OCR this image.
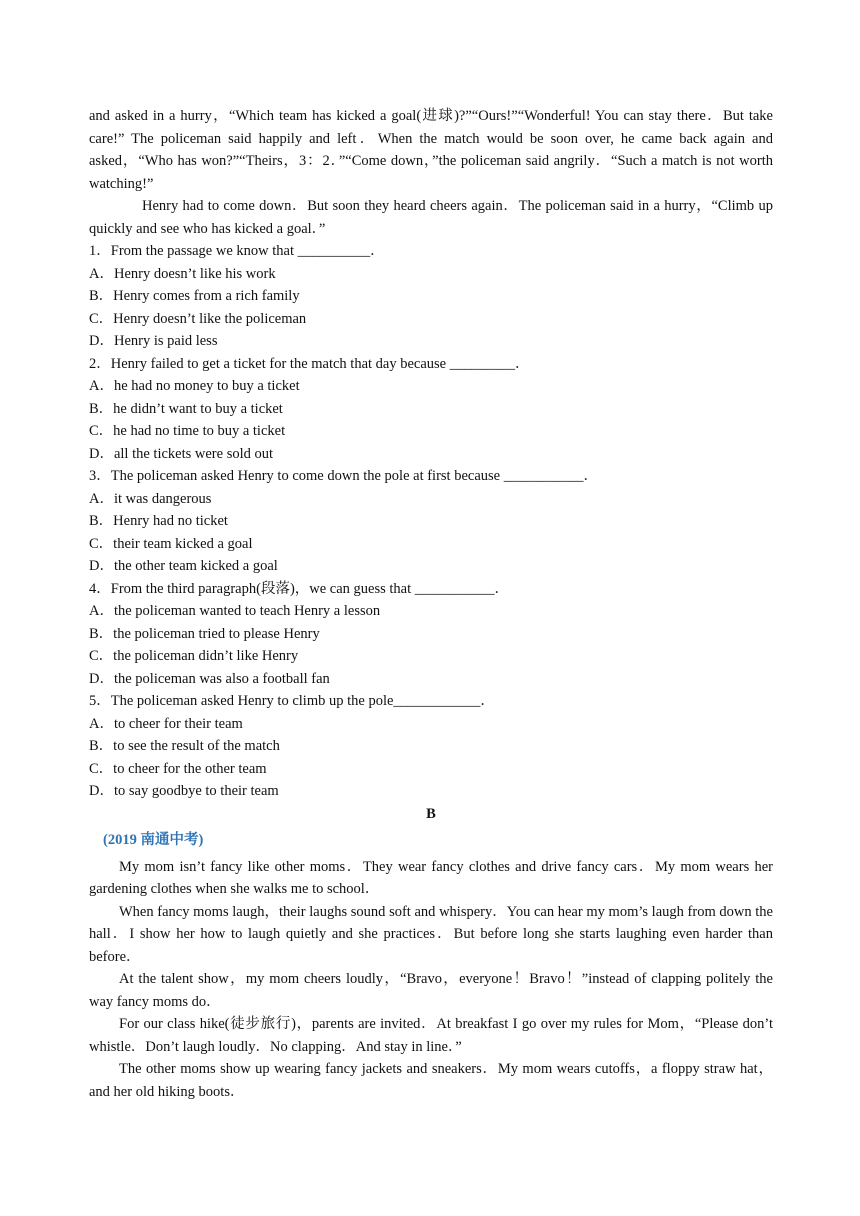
and asked in a hurry，“Which team has kicked a goal(进球)?”“Ours!”“Wonderful! You can stay there．But take care!” The policeman said happily and left．When the match would be soon over, he came back again and asked，“Who has won?”“Theirs，3：2．”“Come down，”the policeman said angrily．“Such a match is not worth watching!”

Henry had to come down．But soon they heard cheers again．The policeman said in a hurry，“Climb up quickly and see who has kicked a goal．”

1．From the passage we know that __________．

A．Henry doesn’t like his work

B．Henry comes from a rich family

C．Henry doesn’t like the policeman

D．Henry is paid less

2．Henry failed to get a ticket for the match that day because _________．

A．he had no money to buy a ticket

B．he didn’t want to buy a ticket

C．he had no time to buy a ticket

D．all the tickets were sold out

3．The policeman asked Henry to come down the pole at first because ___________．

A．it was dangerous

B．Henry had no ticket

C．their team kicked a goal

D．the other team kicked a goal

4．From the third paragraph(段落)，we can guess that ___________．

A．the policeman wanted to teach Henry a lesson

B．the policeman tried to please Henry

C．the policeman didn’t like Henry

D．the policeman was also a football fan

5．The policeman asked Henry to climb up the pole____________．

A．to cheer for their team

B．to see the result of the match

C．to cheer for the other team

D．to say goodbye to their team

B

(2019 南通中考)

My mom isn’t fancy like other moms．They wear fancy clothes and drive fancy cars．My mom wears her gardening clothes when she walks me to school．

When fancy moms laugh，their laughs sound soft and whispery．You can hear my mom’s laugh from down the hall．I show her how to laugh quietly and she practices．But before long she starts laughing even harder than before．

At the talent show，my mom cheers loudly，“Bravo，everyone！Bravo！”instead of clapping politely the way fancy moms do．

For our class hike(徒步旅行)，parents are invited．At breakfast I go over my rules for Mom，“Please don’t whistle．Don’t laugh loudly．No clapping．And stay in line．”

The other moms show up wearing fancy jackets and sneakers．My mom wears cutoffs，a floppy straw hat，and her old hiking boots．
